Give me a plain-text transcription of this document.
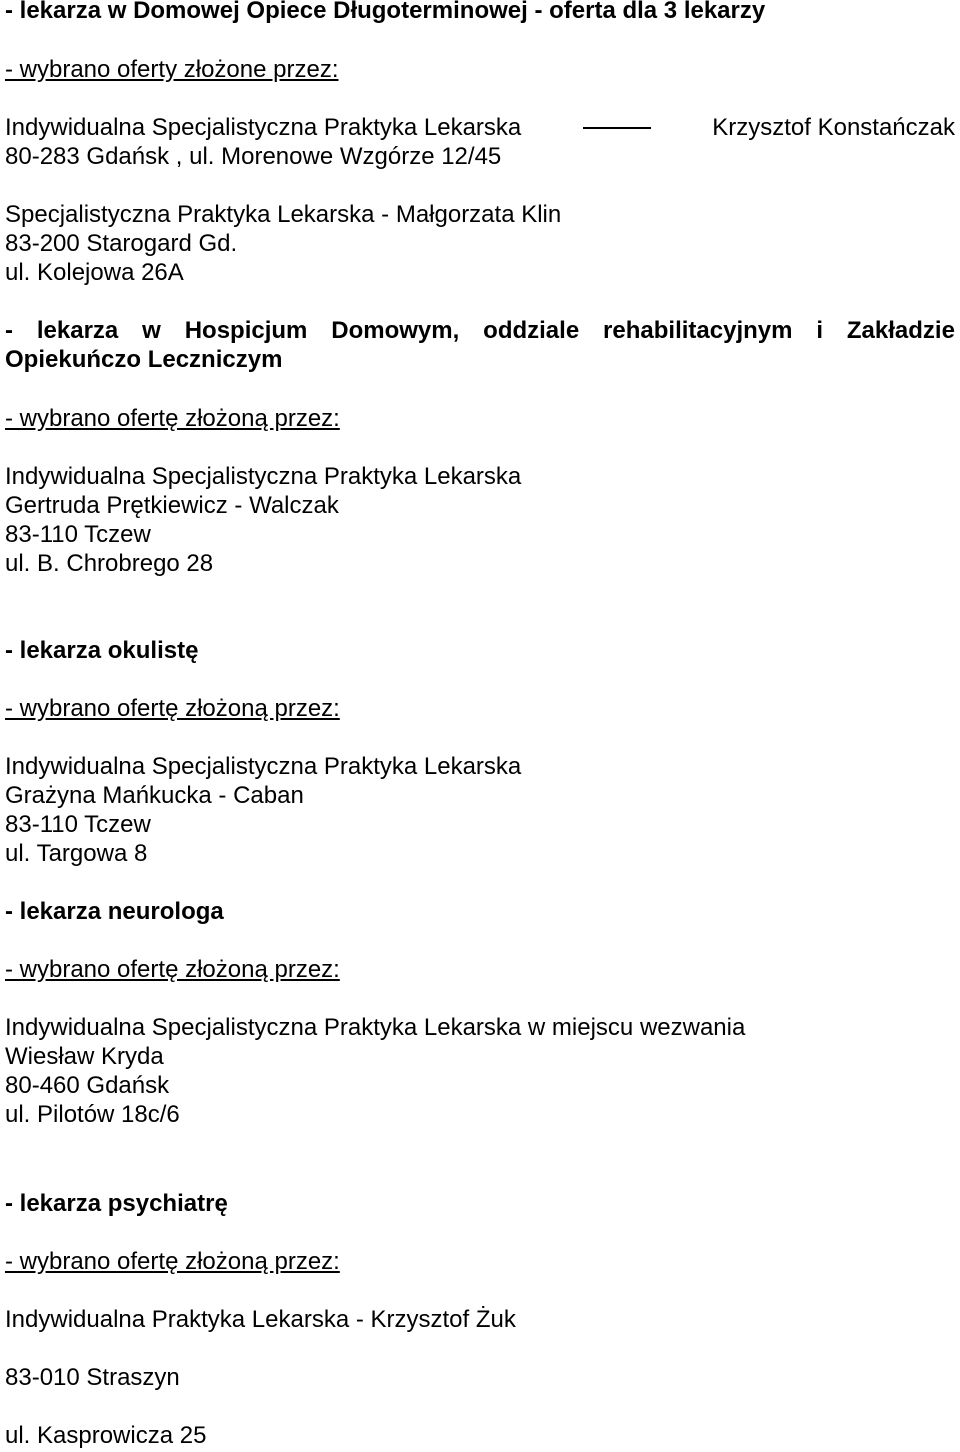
- lekarza w Domowej Opiece Długoterminowej - oferta dla 3 lekarzy
- wybrano oferty złożone przez:
Indywidualna Specjalistyczna Praktyka Lekarska	Krzysztof Konstańczak
80-283 Gdańsk , ul. Morenowe Wzgórze 12/45
Specjalistyczna Praktyka Lekarska - Małgorzata Klin
83-200 Starogard Gd.
ul. Kolejowa 26A
- lekarza w Hospicjum Domowym, oddziale rehabilitacyjnym i Zakładzie
Opiekuńczo Leczniczym
- wybrano ofertę złożoną przez:
Indywidualna Specjalistyczna Praktyka Lekarska
Gertruda Prętkiewicz - Walczak
83-110 Tczew
ul. B. Chrobrego 28
- lekarza okulistę
- wybrano ofertę złożoną przez:
Indywidualna Specjalistyczna Praktyka Lekarska
Grażyna Mańkucka - Caban
83-110 Tczew
ul. Targowa 8
- lekarza neurologa
- wybrano ofertę złożoną przez:
Indywidualna Specjalistyczna Praktyka Lekarska w miejscu wezwania
Wiesław Kryda
80-460 Gdańsk
ul. Pilotów 18c/6
- lekarza psychiatrę
- wybrano ofertę złożoną przez:
Indywidualna Praktyka Lekarska - Krzysztof Żuk
83-010 Straszyn
ul. Kasprowicza 25
